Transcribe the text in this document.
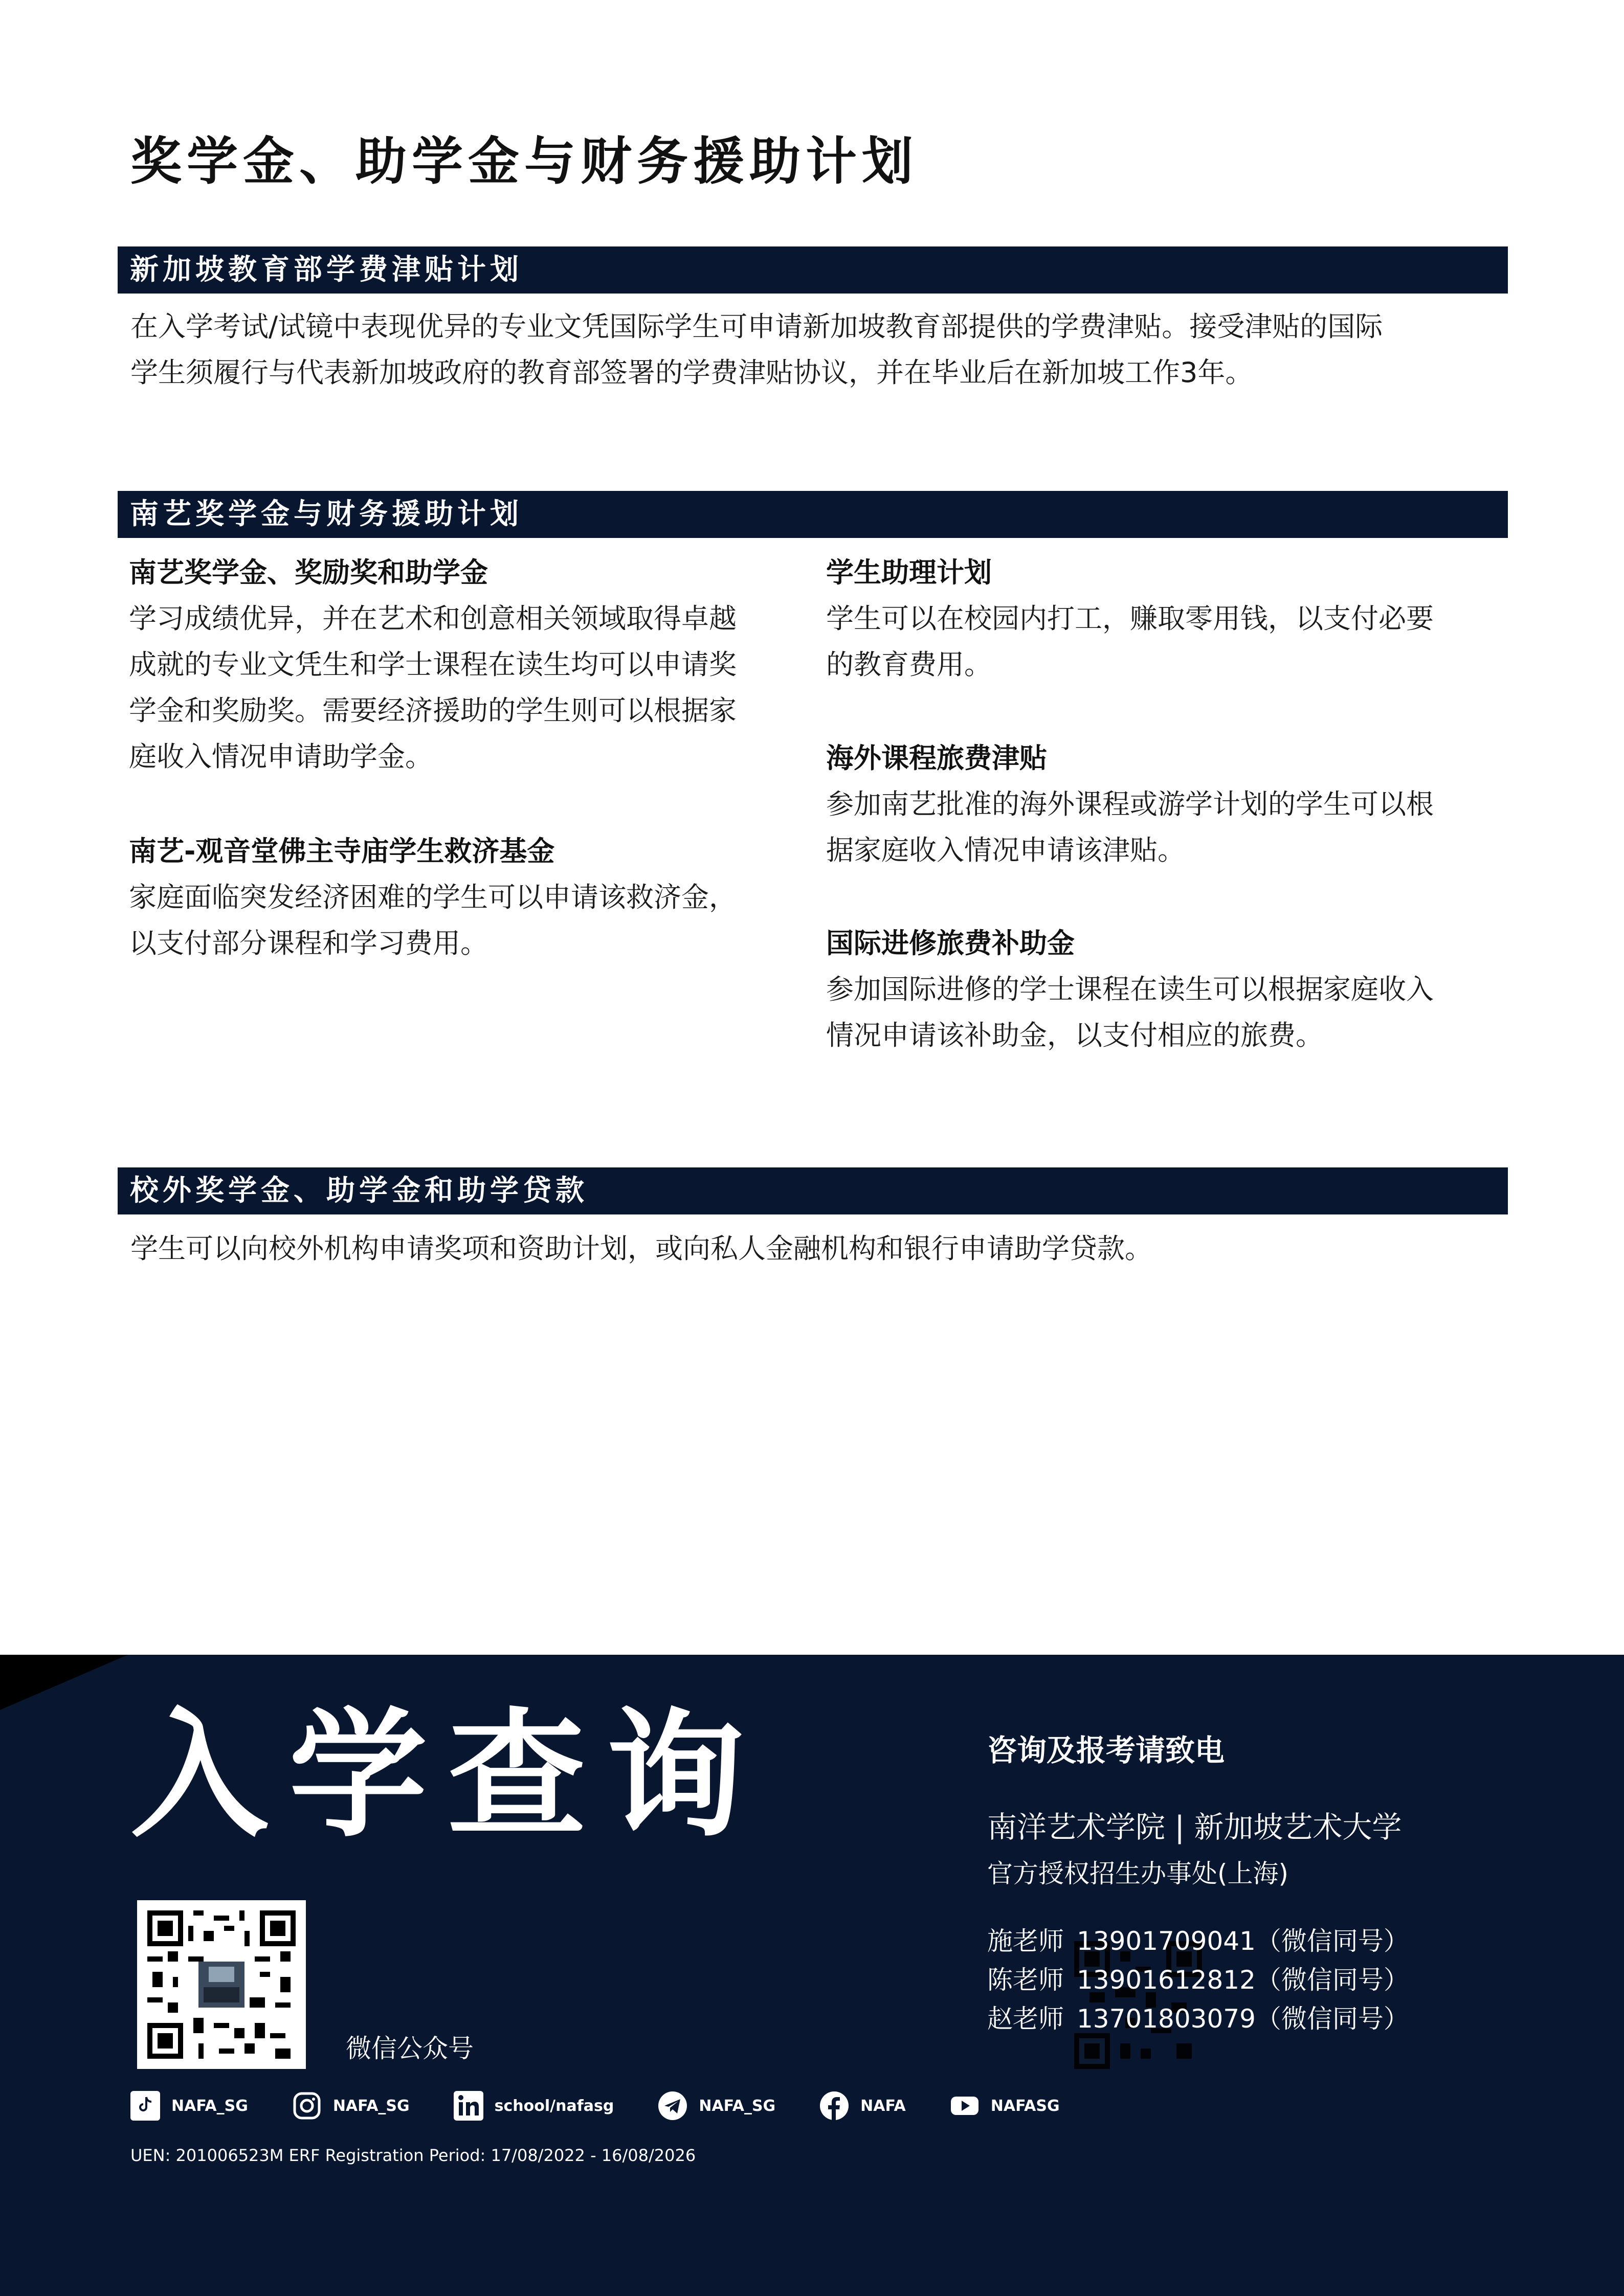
奖学金、助学金与财务援助计划
新加坡教育部学费津贴计划
在入学考试/试镜中表现优异的专业文凭国际学生可申请新加坡教育部提供的学费津贴。接受津贴的国际
学生须履行与代表新加坡政府的教育部签署的学费津贴协议，并在毕业后在新加坡工作3年。
南艺奖学金与财务援助计划
南艺奖学金、奖励奖和助学金
学习成绩优异，并在艺术和创意相关领域取得卓越
成就的专业文凭生和学士课程在读生均可以申请奖
学金和奖励奖。需要经济援助的学生则可以根据家
庭收入情况申请助学金。
南艺-观音堂佛主寺庙学生救济基金
家庭面临突发经济困难的学生可以申请该救济金，
以支付部分课程和学习费用。
学生助理计划
学生可以在校园内打工，赚取零用钱，以支付必要
的教育费用。
海外课程旅费津贴
参加南艺批准的海外课程或游学计划的学生可以根
据家庭收入情况申请该津贴。
国际进修旅费补助金
参加国际进修的学士课程在读生可以根据家庭收入
情况申请该补助金，以支付相应的旅费。
校外奖学金、助学金和助学贷款
学生可以向校外机构申请奖项和资助计划，或向私人金融机构和银行申请助学贷款。
入学查询
微信公众号
咨询及报考请致电
南洋艺术学院 | 新加坡艺术大学
官方授权招生办事处(上海)
施老师 13901709041（微信同号）
陈老师 13901612812（微信同号）
赵老师 13701803079（微信同号）
NAFA_SG	NAFA_SG	school/nafasg	NAFA_SG	NAFA	NAFASG
UEN: 201006523M ERF Registration Period: 17/08/2022 - 16/08/2026
